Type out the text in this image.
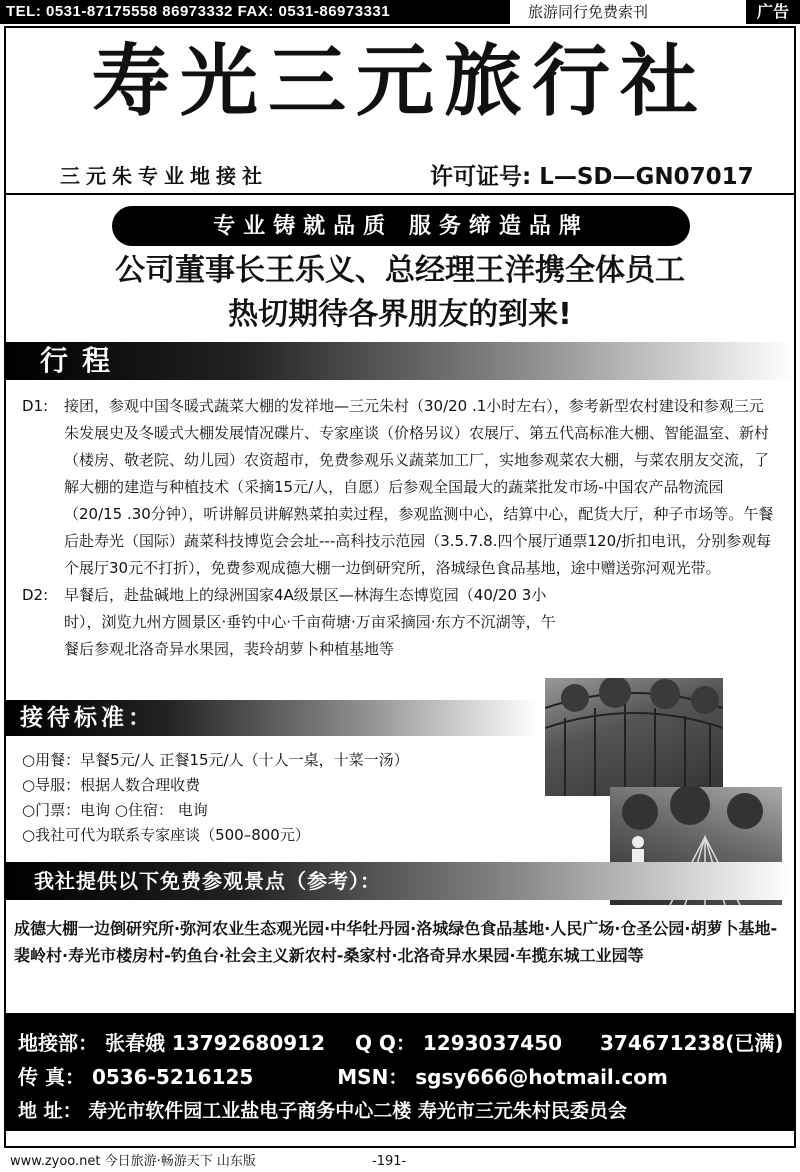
TEL: 0531-87175558 86973332 FAX: 0531-86973331	旅游同行免费索刊	广告
寿光三元旅行社
三元朱专业地接社	许可证号: L—SD—GN07017
专业铸就品质 服务缔造品牌
公司董事长王乐义、总经理王洋携全体员工
热切期待各界朋友的到来!
行程
D1:	接团，参观中国冬暖式蔬菜大棚的发祥地—三元朱村（30/20 .1小时左右），参考新型农村建设和参观三元朱发展史及冬暖式大棚发展情况碟片、专家座谈（价格另议）农展厅、第五代高标准大棚、智能温室、新村（楼房、敬老院、幼儿园）农资超市，免费参观乐义蔬菜加工厂，实地参观菜农大棚，与菜农朋友交流，了解大棚的建造与种植技术（采摘15元/人，自愿）后参观全国最大的蔬菜批发市场-中国农产品物流园（20/15 .30分钟），听讲解员讲解熟菜拍卖过程，参观监测中心，结算中心，配货大厅，种子市场等。午餐后赴寿光（国际）蔬菜科技博览会会址---高科技示范园（3.5.7.8.四个展厅通票120/折扣电讯，分别参观每个展厅30元不打折），免费参观成德大棚一边倒研究所，洛城绿色食品基地，途中赠送弥河观光带。
D2:	早餐后，赴盐碱地上的绿洲国家4A级景区—林海生态博览园（40/20 3小时），浏览九州方圆景区·垂钓中心·千亩荷塘·万亩采摘园·东方不沉湖等，午餐后参观北洛奇异水果园，裴玲胡萝卜种植基地等
接待标准：
○用餐：早餐5元/人 正餐15元/人（十人一桌，十菜一汤）
○导服：根据人数合理收费
○门票：电询 ○住宿： 电询
○我社可代为联系专家座谈（500–800元）
我社提供以下免费参观景点（参考）：
成德大棚一边倒研究所·弥河农业生态观光园·中华牡丹园·洛城绿色食品基地·人民广场·仓圣公园·胡萝卜基地-裴岭村·寿光市楼房村-钓鱼台·社会主义新农村-桑家村·北洛奇异水果园·车揽东城工业园等
地接部： 张春娥 13792680912 Q Q： 1293037450 374671238(已满)
传 真： 0536-5216125	MSN： sgsy666@hotmail.com
地 址： 寿光市软件园工业盐电子商务中心二楼 寿光市三元朱村民委员会
www.zyoo.net 今日旅游·畅游天下 山东版	-191-
